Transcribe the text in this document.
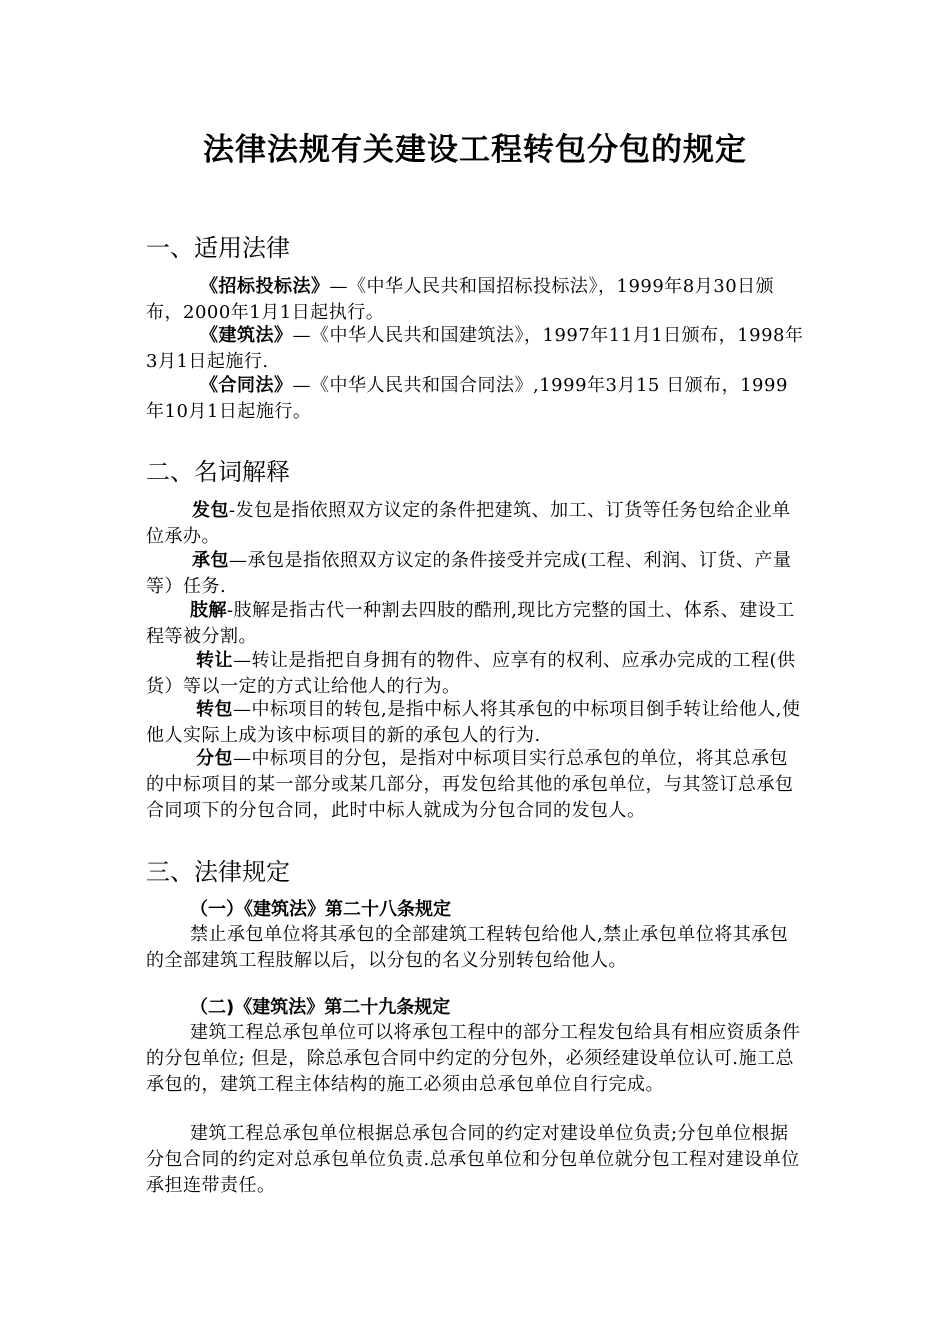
法律法规有关建设工程转包分包的规定
一、适用法律

《招标投标法》—《中华人民共和国招标投标法》，1999年8月30日颁布，2000年1月1日起执行。

《建筑法》—《中华人民共和国建筑法》，1997年11月1日颁布，1998年3月1日起施行.

《合同法》—《中华人民共和国合同法》,1999年3月15 日颁布，1999年10月1日起施行。

二、名词解释

发包-发包是指依照双方议定的条件把建筑、加工、订货等任务包给企业单位承办。

承包—承包是指依照双方议定的条件接受并完成(工程、利润、订货、产量等）任务.

肢解-肢解是指古代一种割去四肢的酷刑,现比方完整的国土、体系、建设工程等被分割。

转让—转让是指把自身拥有的物件、应享有的权利、应承办完成的工程(供货）等以一定的方式让给他人的行为。

转包—中标项目的转包,是指中标人将其承包的中标项目倒手转让给他人,使他人实际上成为该中标项目的新的承包人的行为.

分包—中标项目的分包，是指对中标项目实行总承包的单位，将其总承包的中标项目的某一部分或某几部分，再发包给其他的承包单位，与其签订总承包合同项下的分包合同，此时中标人就成为分包合同的发包人。

三、法律规定
（一）《建筑法》第二十八条规定

禁止承包单位将其承包的全部建筑工程转包给他人,禁止承包单位将其承包的全部建筑工程肢解以后，以分包的名义分别转包给他人。

（二)《建筑法》第二十九条规定

建筑工程总承包单位可以将承包工程中的部分工程发包给具有相应资质条件的分包单位; 但是，除总承包合同中约定的分包外，必须经建设单位认可.施工总承包的，建筑工程主体结构的施工必须由总承包单位自行完成。

建筑工程总承包单位根据总承包合同的约定对建设单位负责;分包单位根据分包合同的约定对总承包单位负责.总承包单位和分包单位就分包工程对建设单位承担连带责任。
